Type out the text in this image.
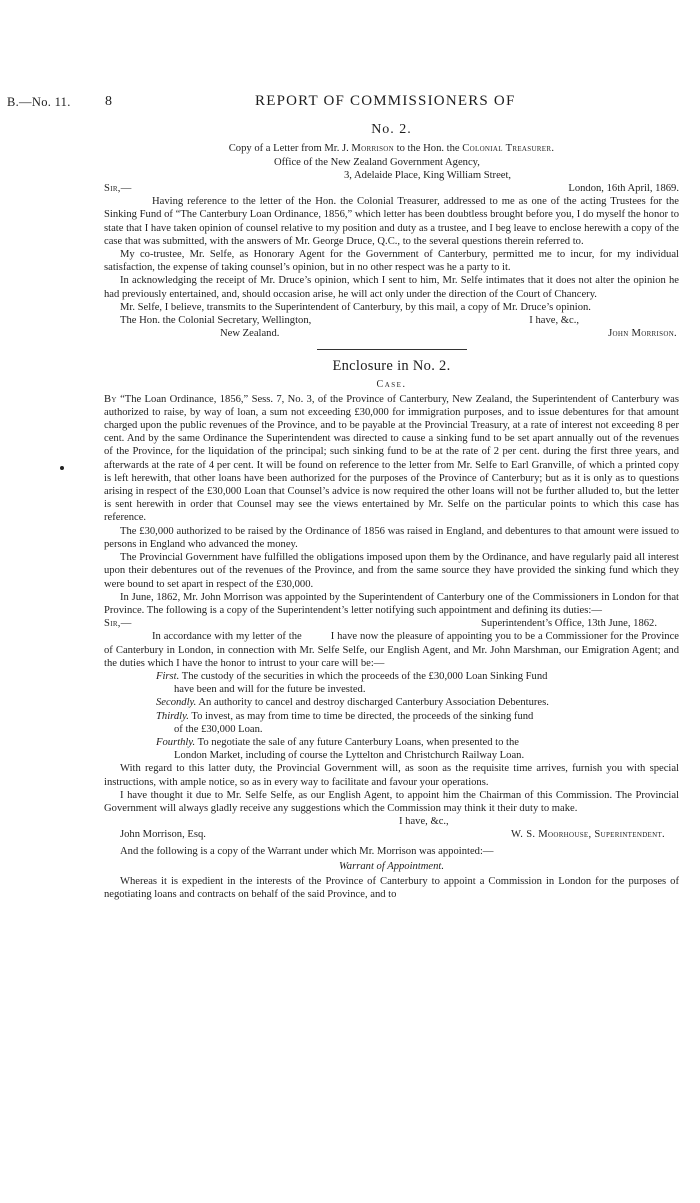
B.—No. 11. 8	REPORT OF COMMISSIONERS OF
No. 2.

Copy of a Letter from Mr. J. Morrison to the Hon. the Colonial Treasurer.

Office of the New Zealand Government Agency,
3, Adelaide Place, King William Street,
Sir,—	London, 16th April, 1869.

Having reference to the letter of the Hon. the Colonial Treasurer, addressed to me as one of the acting Trustees for the Sinking Fund of “The Canterbury Loan Ordinance, 1856,” which letter has been doubtless brought before you, I do myself the honor to state that I have taken opinion of counsel relative to my position and duty as a trustee, and I beg leave to enclose herewith a copy of the case that was submitted, with the answers of Mr. George Druce, Q.C., to the several questions therein referred to.

My co-trustee, Mr. Selfe, as Honorary Agent for the Government of Canterbury, permitted me to incur, for my individual satisfaction, the expense of taking counsel’s opinion, but in no other respect was he a party to it.

In acknowledging the receipt of Mr. Druce’s opinion, which I sent to him, Mr. Selfe intimates that it does not alter the opinion he had previously entertained, and, should occasion arise, he will act only under the direction of the Court of Chancery.

Mr. Selfe, I believe, transmits to the Superintendent of Canterbury, by this mail, a copy of Mr. Druce’s opinion.

The Hon. the Colonial Secretary, Wellington,	I have, &c.,
New Zealand.	John Morrison.
Enclosure in No. 2.
Case.

By “The Loan Ordinance, 1856,” Sess. 7, No. 3, of the Province of Canterbury, New Zealand, the Superintendent of Canterbury was authorized to raise, by way of loan, a sum not exceeding £30,000 for immigration purposes, and to issue debentures for that amount charged upon the public revenues of the Province, and to be payable at the Provincial Treasury, at a rate of interest not exceeding 8 per cent. And by the same Ordinance the Superintendent was directed to cause a sinking fund to be set apart annually out of the revenues of the Province, for the liquidation of the principal; such sinking fund to be at the rate of 2 per cent. during the first three years, and afterwards at the rate of 4 per cent. It will be found on reference to the letter from Mr. Selfe to Earl Granville, of which a printed copy is left herewith, that other loans have been authorized for the purposes of the Province of Canterbury; but as it is only as to questions arising in respect of the £30,000 Loan that Counsel’s advice is now required the other loans will not be further alluded to, but the letter is sent herewith in order that Counsel may see the views entertained by Mr. Selfe on the particular points to which this case has reference.

The £30,000 authorized to be raised by the Ordinance of 1856 was raised in England, and debentures to that amount were issued to persons in England who advanced the money.

The Provincial Government have fulfilled the obligations imposed upon them by the Ordinance, and have regularly paid all interest upon their debentures out of the revenues of the Province, and from the same source they have provided the sinking fund which they were bound to set apart in respect of the £30,000.

In June, 1862, Mr. John Morrison was appointed by the Superintendent of Canterbury one of the Commissioners in London for that Province. The following is a copy of the Superintendent’s letter notifying such appointment and defining its duties:—

Sir,—	Superintendent’s Office, 13th June, 1862.

In accordance with my letter of the          I have now the pleasure of appointing you to be a Commissioner for the Province of Canterbury in London, in connection with Mr. Selfe Selfe, our English Agent, and Mr. John Marshman, our Emigration Agent; and the duties which I have the honor to intrust to your care will be:—

First. The custody of the securities in which the proceeds of the £30,000 Loan Sinking Fund
have been and will for the future be invested.
Secondly. An authority to cancel and destroy discharged Canterbury Association Debentures.
Thirdly. To invest, as may from time to time be directed, the proceeds of the sinking fund
of the £30,000 Loan.
Fourthly. To negotiate the sale of any future Canterbury Loans, when presented to the
London Market, including of course the Lyttelton and Christchurch Railway Loan.

With regard to this latter duty, the Provincial Government will, as soon as the requisite time arrives, furnish you with special instructions, with ample notice, so as in every way to facilitate and favour your operations.

I have thought it due to Mr. Selfe Selfe, as our English Agent, to appoint him the Chairman of this Commission. The Provincial Government will always gladly receive any suggestions which the Commission may think it their duty to make.

I have, &c.,
John Morrison, Esq.	W. S. Moorhouse, Superintendent.

And the following is a copy of the Warrant under which Mr. Morrison was appointed:—

Warrant of Appointment.

Whereas it is expedient in the interests of the Province of Canterbury to appoint a Commission in London for the purposes of negotiating loans and contracts on behalf of the said Province, and to
